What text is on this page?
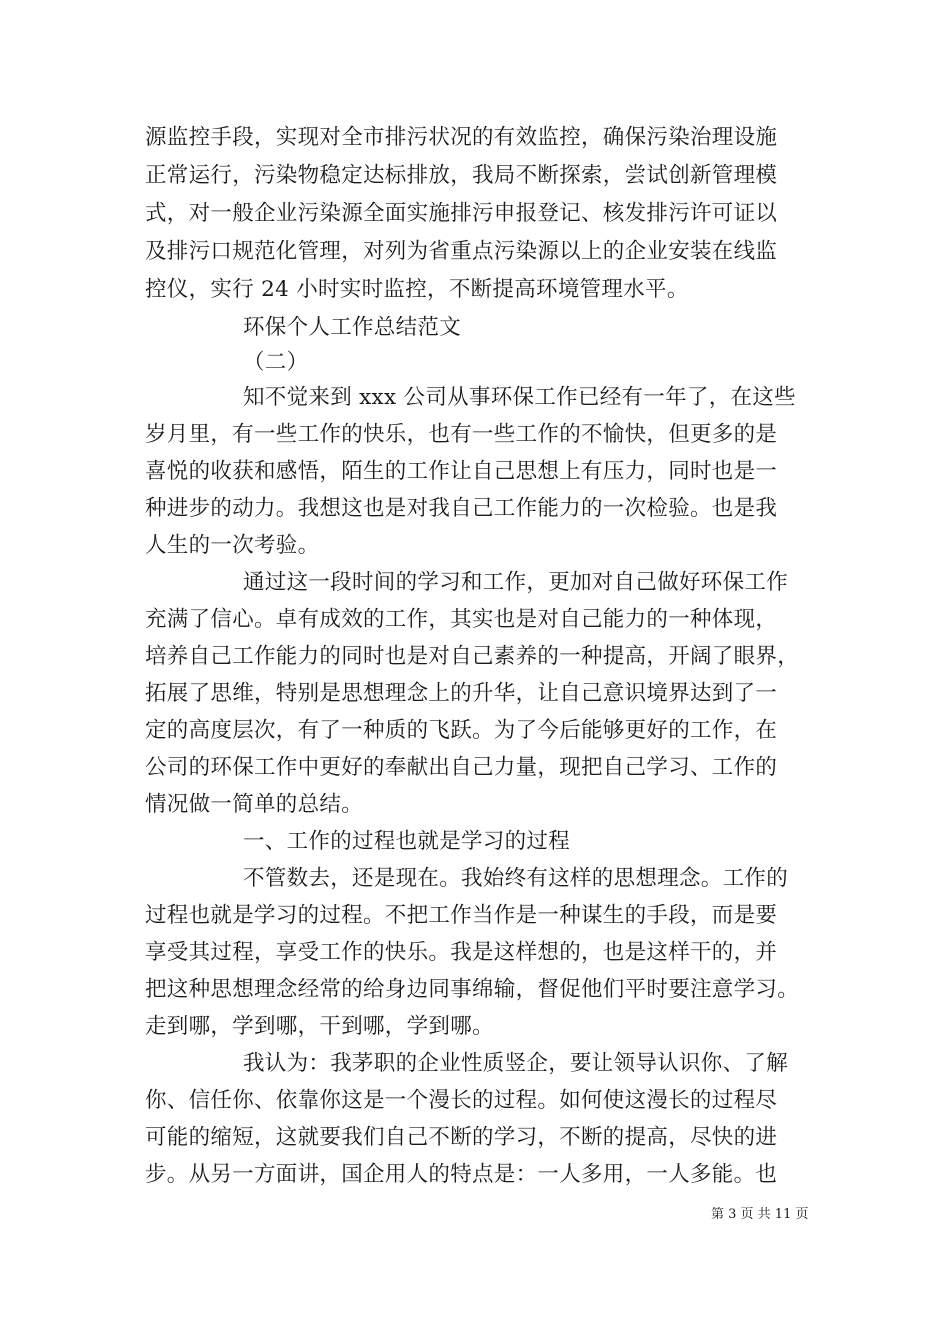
源监控手段，实现对全市排污状况的有效监控，确保污染治理设施
正常运行，污染物稳定达标排放，我局不断探索，尝试创新管理模
式，对一般企业污染源全面实施排污申报登记、核发排污许可证以
及排污口规范化管理，对列为省重点污染源以上的企业安装在线监
控仪，实行 24 小时实时监控，不断提高环境管理水平。
环保个人工作总结范文
（二）
知不觉来到 xxx 公司从事环保工作已经有一年了，在这些
岁月里，有一些工作的快乐，也有一些工作的不愉快，但更多的是
喜悦的收获和感悟，陌生的工作让自己思想上有压力，同时也是一
种进步的动力。我想这也是对我自己工作能力的一次检验。也是我
人生的一次考验。
通过这一段时间的学习和工作，更加对自己做好环保工作
充满了信心。卓有成效的工作，其实也是对自己能力的一种体现，
培养自己工作能力的同时也是对自己素养的一种提高，开阔了眼界，
拓展了思维，特别是思想理念上的升华，让自己意识境界达到了一
定的高度层次，有了一种质的飞跃。为了今后能够更好的工作，在
公司的环保工作中更好的奉献出自己力量，现把自己学习、工作的
情况做一简单的总结。
一、工作的过程也就是学习的过程
不管数去，还是现在。我始终有这样的思想理念。工作的
过程也就是学习的过程。不把工作当作是一种谋生的手段，而是要
享受其过程，享受工作的快乐。我是这样想的，也是这样干的，并
把这种思想理念经常的给身边同事绵输，督促他们平时要注意学习。
走到哪，学到哪，干到哪，学到哪。
我认为：我茅职的企业性质竖企，要让领导认识你、了解
你、信任你、依靠你这是一个漫长的过程。如何使这漫长的过程尽
可能的缩短，这就要我们自己不断的学习，不断的提高，尽快的进
步。从另一方面讲，国企用人的特点是：一人多用，一人多能。也
第 3 页 共 11 页
